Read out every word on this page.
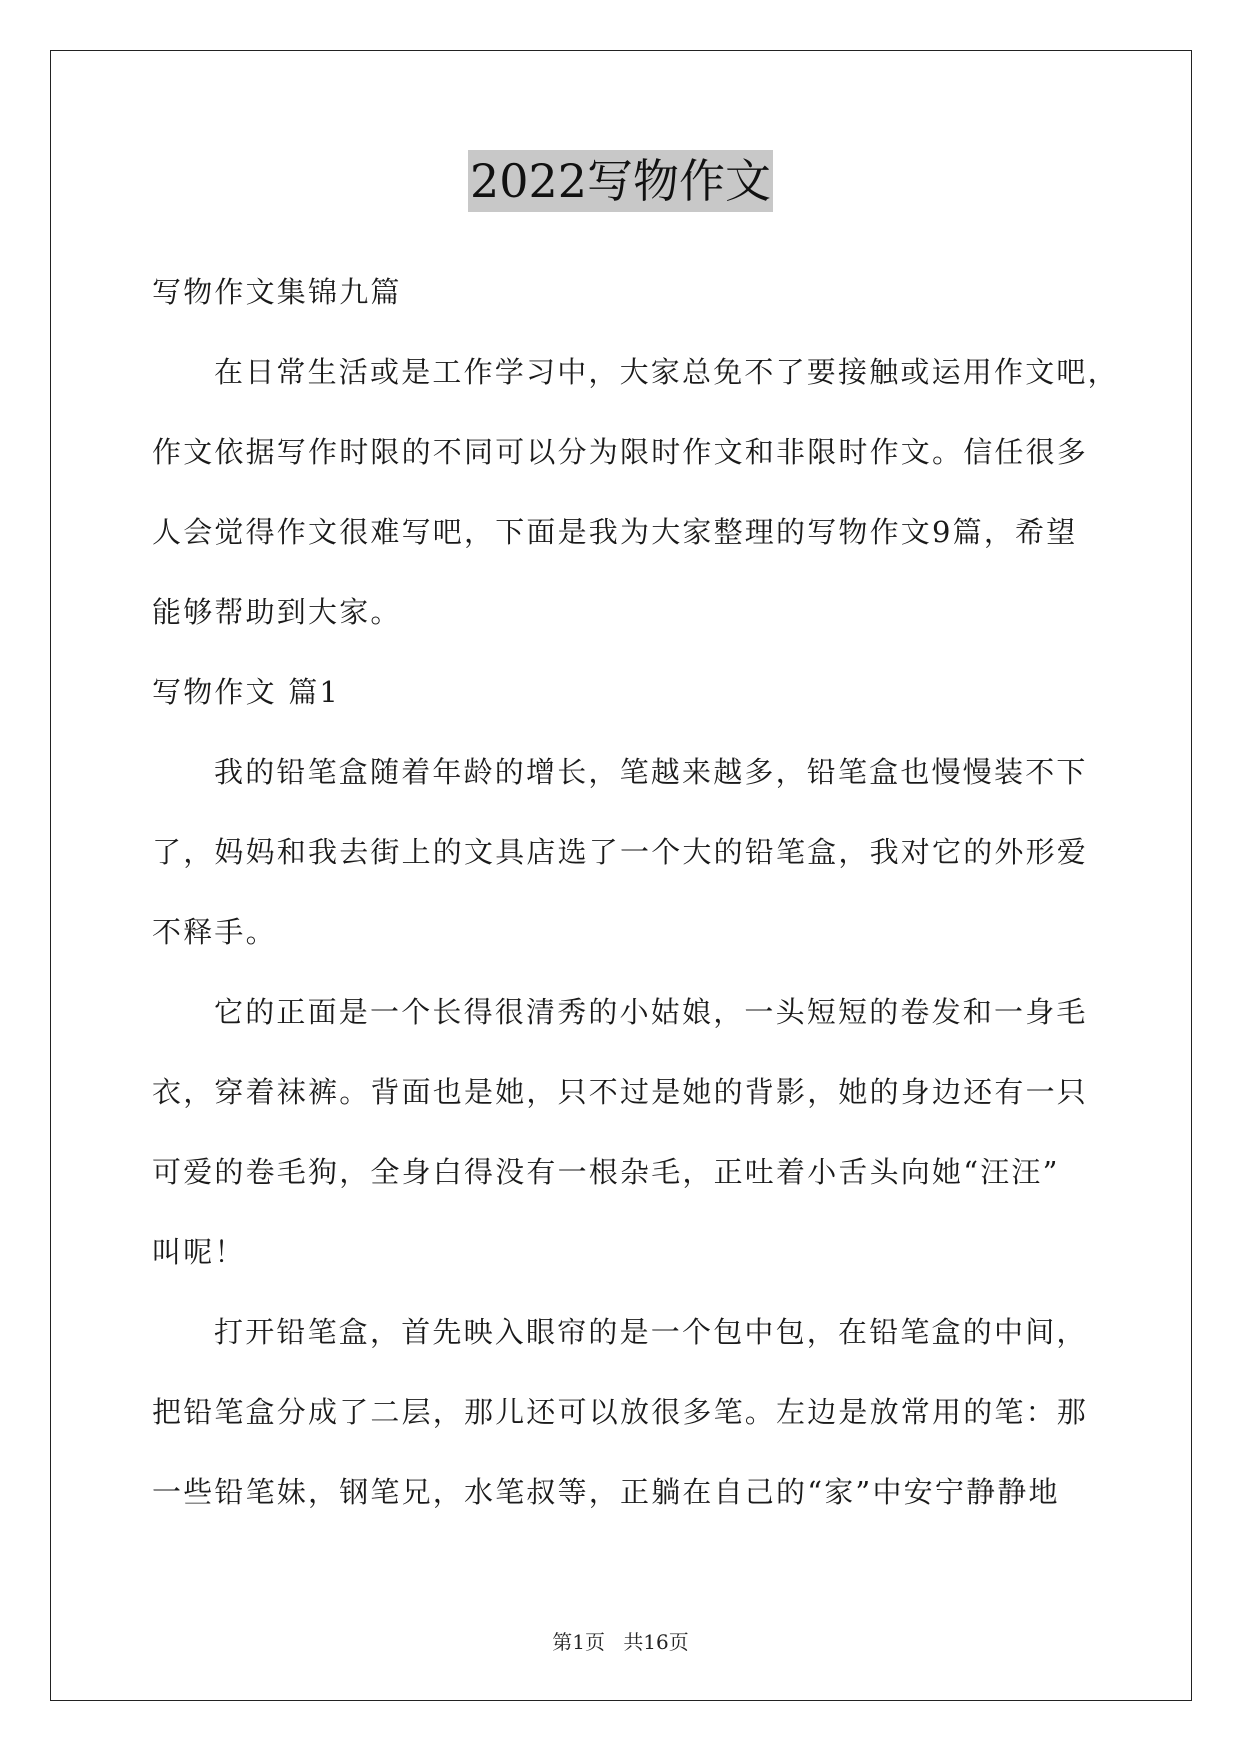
2022写物作文
写物作文集锦九篇
在日常生活或是工作学习中，大家总免不了要接触或运用作文吧，
作文依据写作时限的不同可以分为限时作文和非限时作文。信任很多
人会觉得作文很难写吧，下面是我为大家整理的写物作文9篇，希望
能够帮助到大家。
写物作文 篇1
我的铅笔盒随着年龄的增长，笔越来越多，铅笔盒也慢慢装不下
了，妈妈和我去街上的文具店选了一个大的铅笔盒，我对它的外形爱
不释手。
它的正面是一个长得很清秀的小姑娘，一头短短的卷发和一身毛
衣，穿着袜裤。背面也是她，只不过是她的背影，她的身边还有一只
可爱的卷毛狗，全身白得没有一根杂毛，正吐着小舌头向她“汪汪”
叫呢！
打开铅笔盒，首先映入眼帘的是一个包中包，在铅笔盒的中间，
把铅笔盒分成了二层，那儿还可以放很多笔。左边是放常用的笔：那
一些铅笔妹，钢笔兄，水笔叔等，正躺在自己的“家”中安宁静静地
第1页 共16页
